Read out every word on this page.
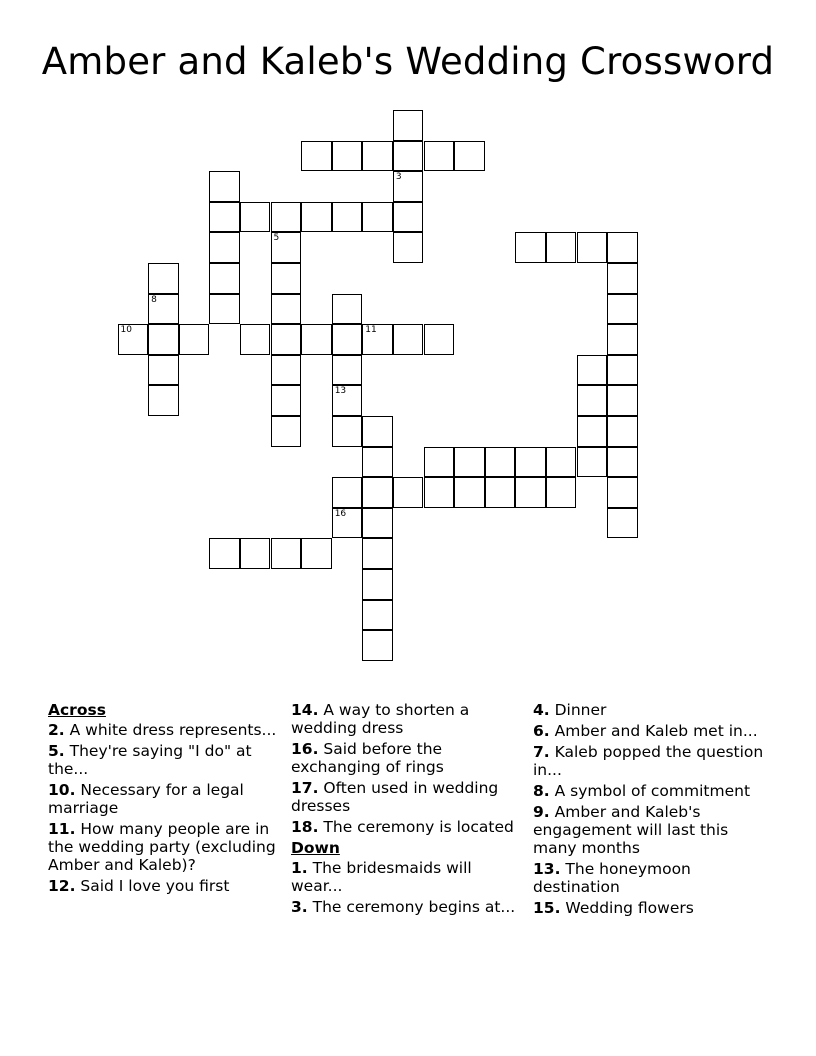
Amber and Kaleb's Wedding Crossword
3
5
8
13
10	11
16
Across
2. A white dress represents...
5. They're saying "I do" at the...
10. Necessary for a legal marriage
11. How many people are in the wedding party (excluding Amber and Kaleb)?
12. Said I love you first
14. A way to shorten a wedding dress
16. Said before the exchanging of rings
17. Often used in wedding dresses
18. The ceremony is located
Down
1. The bridesmaids will wear...
3. The ceremony begins at...
4. Dinner
6. Amber and Kaleb met in...
7. Kaleb popped the question in...
8. A symbol of commitment
9. Amber and Kaleb's engagement will last this many months
13. The honeymoon destination
15. Wedding flowers
